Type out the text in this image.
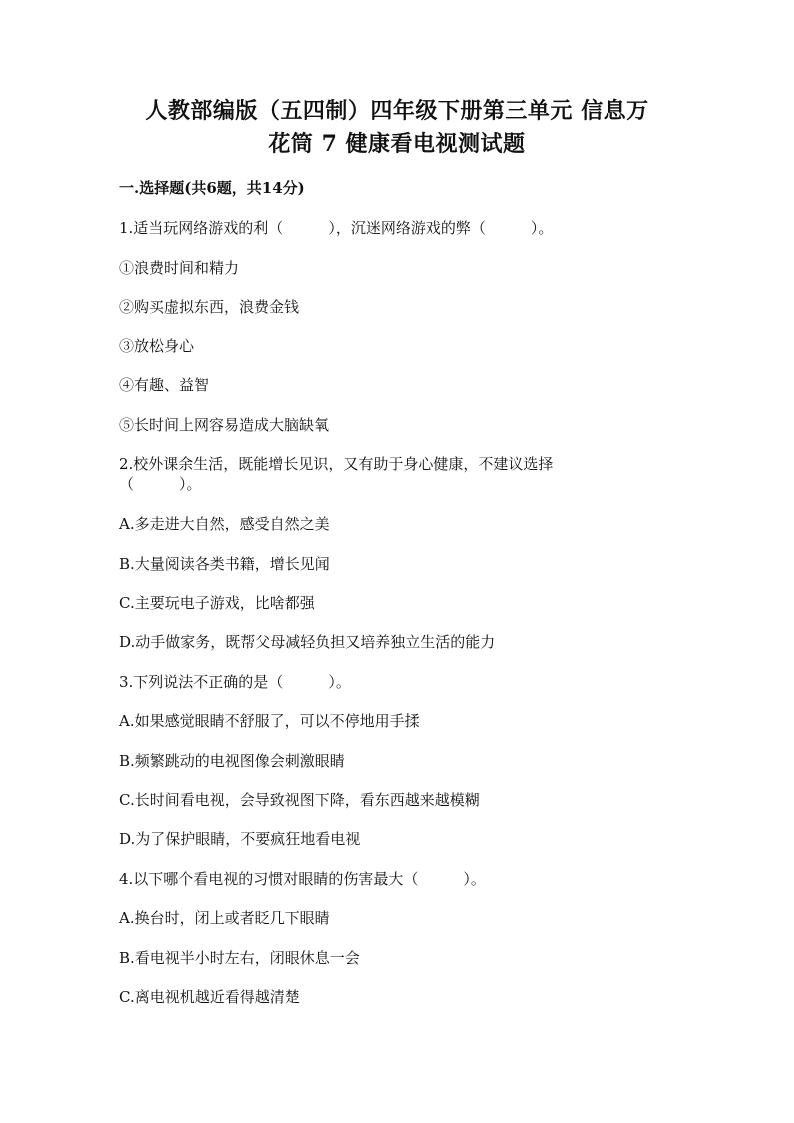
人教部编版（五四制）四年级下册第三单元 信息万
花筒 7 健康看电视测试题
一.选择题(共6题，共14分)
1.适当玩网络游戏的利（　　　），沉迷网络游戏的弊（　　　）。
①浪费时间和精力
②购买虚拟东西，浪费金钱
③放松身心
④有趣、益智
⑤长时间上网容易造成大脑缺氧
2.校外课余生活，既能增长见识，又有助于身心健康，不建议选择
（　　　）。
A.多走进大自然，感受自然之美
B.大量阅读各类书籍，增长见闻
C.主要玩电子游戏，比啥都强
D.动手做家务，既帮父母减轻负担又培养独立生活的能力
3.下列说法不正确的是（　　　）。
A.如果感觉眼睛不舒服了，可以不停地用手揉
B.频繁跳动的电视图像会刺激眼睛
C.长时间看电视，会导致视图下降，看东西越来越模糊
D.为了保护眼睛，不要疯狂地看电视
4.以下哪个看电视的习惯对眼睛的伤害最大（　　　）。
A.换台时，闭上或者眨几下眼睛
B.看电视半小时左右，闭眼休息一会
C.离电视机越近看得越清楚
